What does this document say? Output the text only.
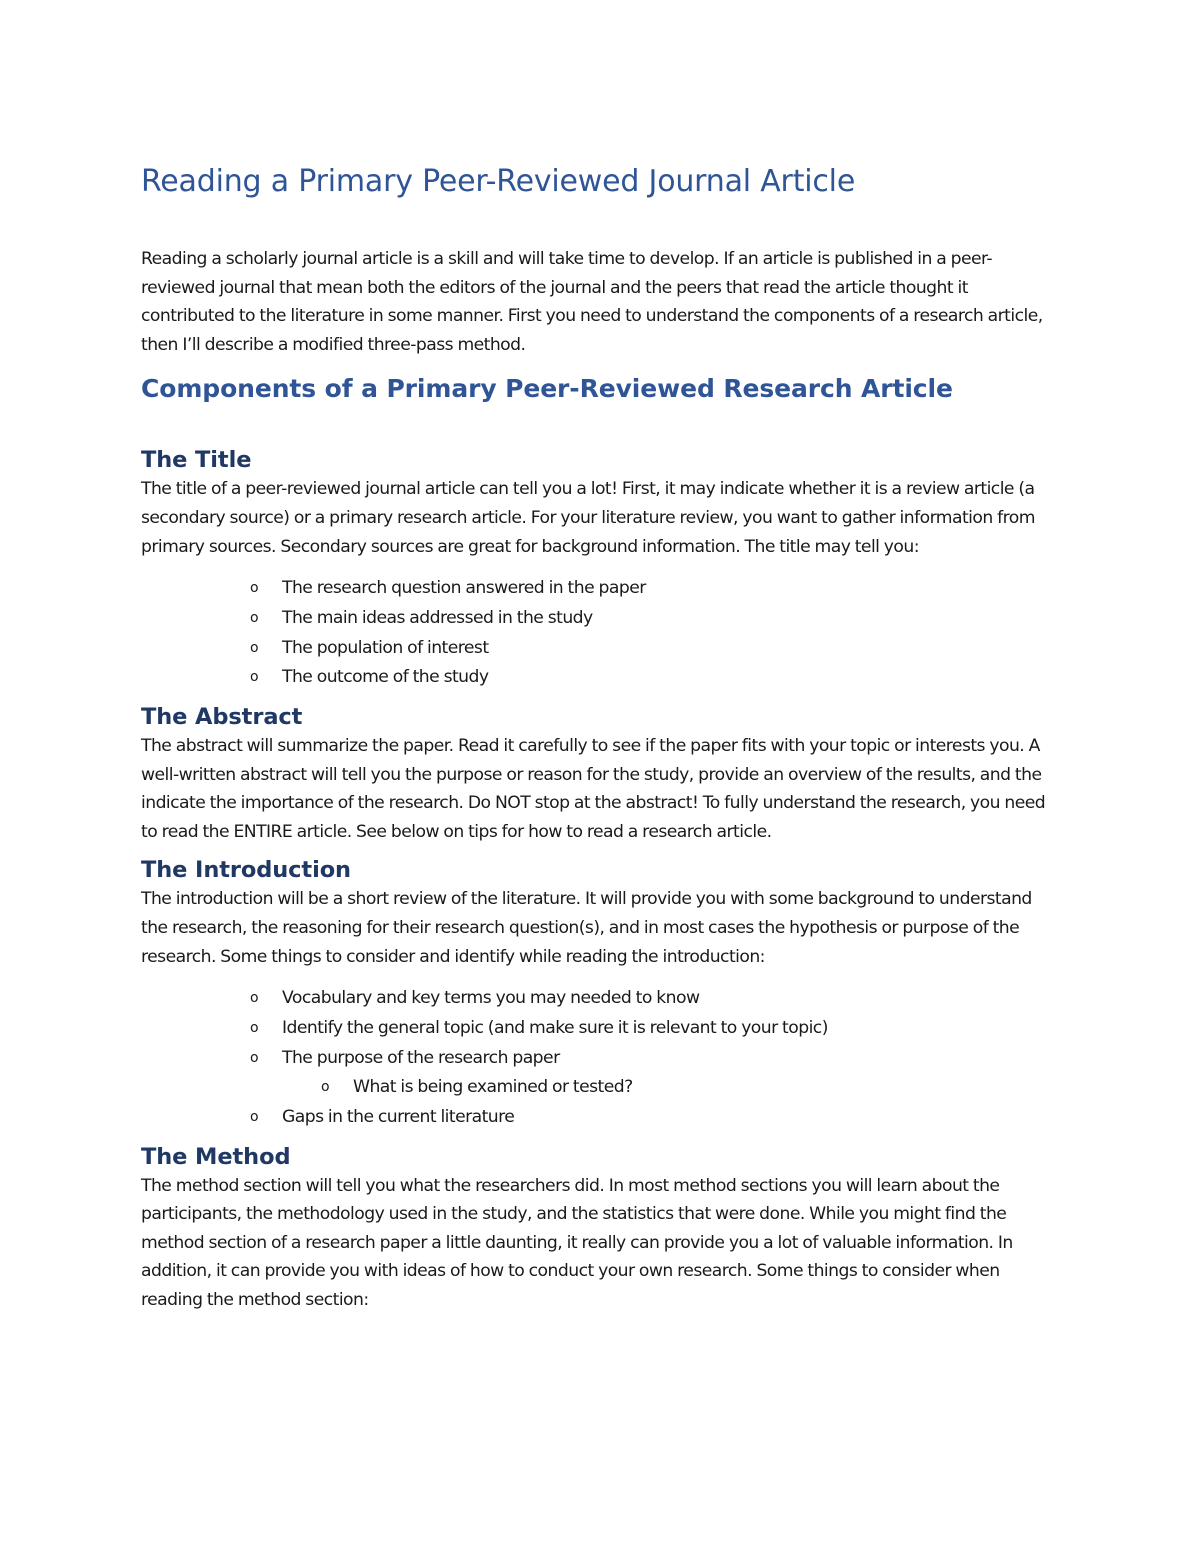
Reading a Primary Peer-Reviewed Journal Article

Reading a scholarly journal article is a skill and will take time to develop. If an article is published in a peer-reviewed journal that mean both the editors of the journal and the peers that read the article thought it contributed to the literature in some manner. First you need to understand the components of a research article, then I’ll describe a modified three-pass method.

Components of a Primary Peer-Reviewed Research Article
The Title

The title of a peer-reviewed journal article can tell you a lot! First, it may indicate whether it is a review article (a secondary source) or a primary research article. For your literature review, you want to gather information from primary sources. Secondary sources are great for background information. The title may tell you:

o The research question answered in the paper
o The main ideas addressed in the study
o The population of interest
o The outcome of the study
The Abstract

The abstract will summarize the paper. Read it carefully to see if the paper fits with your topic or interests you. A well-written abstract will tell you the purpose or reason for the study, provide an overview of the results, and the indicate the importance of the research. Do NOT stop at the abstract! To fully understand the research, you need to read the ENTIRE article. See below on tips for how to read a research article.

The Introduction

The introduction will be a short review of the literature. It will provide you with some background to understand the research, the reasoning for their research question(s), and in most cases the hypothesis or purpose of the research. Some things to consider and identify while reading the introduction:

o Vocabulary and key terms you may needed to know
o Identify the general topic (and make sure it is relevant to your topic)
o The purpose of the research paper
o What is being examined or tested?
o Gaps in the current literature
The Method

The method section will tell you what the researchers did. In most method sections you will learn about the participants, the methodology used in the study, and the statistics that were done. While you might find the method section of a research paper a little daunting, it really can provide you a lot of valuable information. In addition, it can provide you with ideas of how to conduct your own research. Some things to consider when reading the method section:
